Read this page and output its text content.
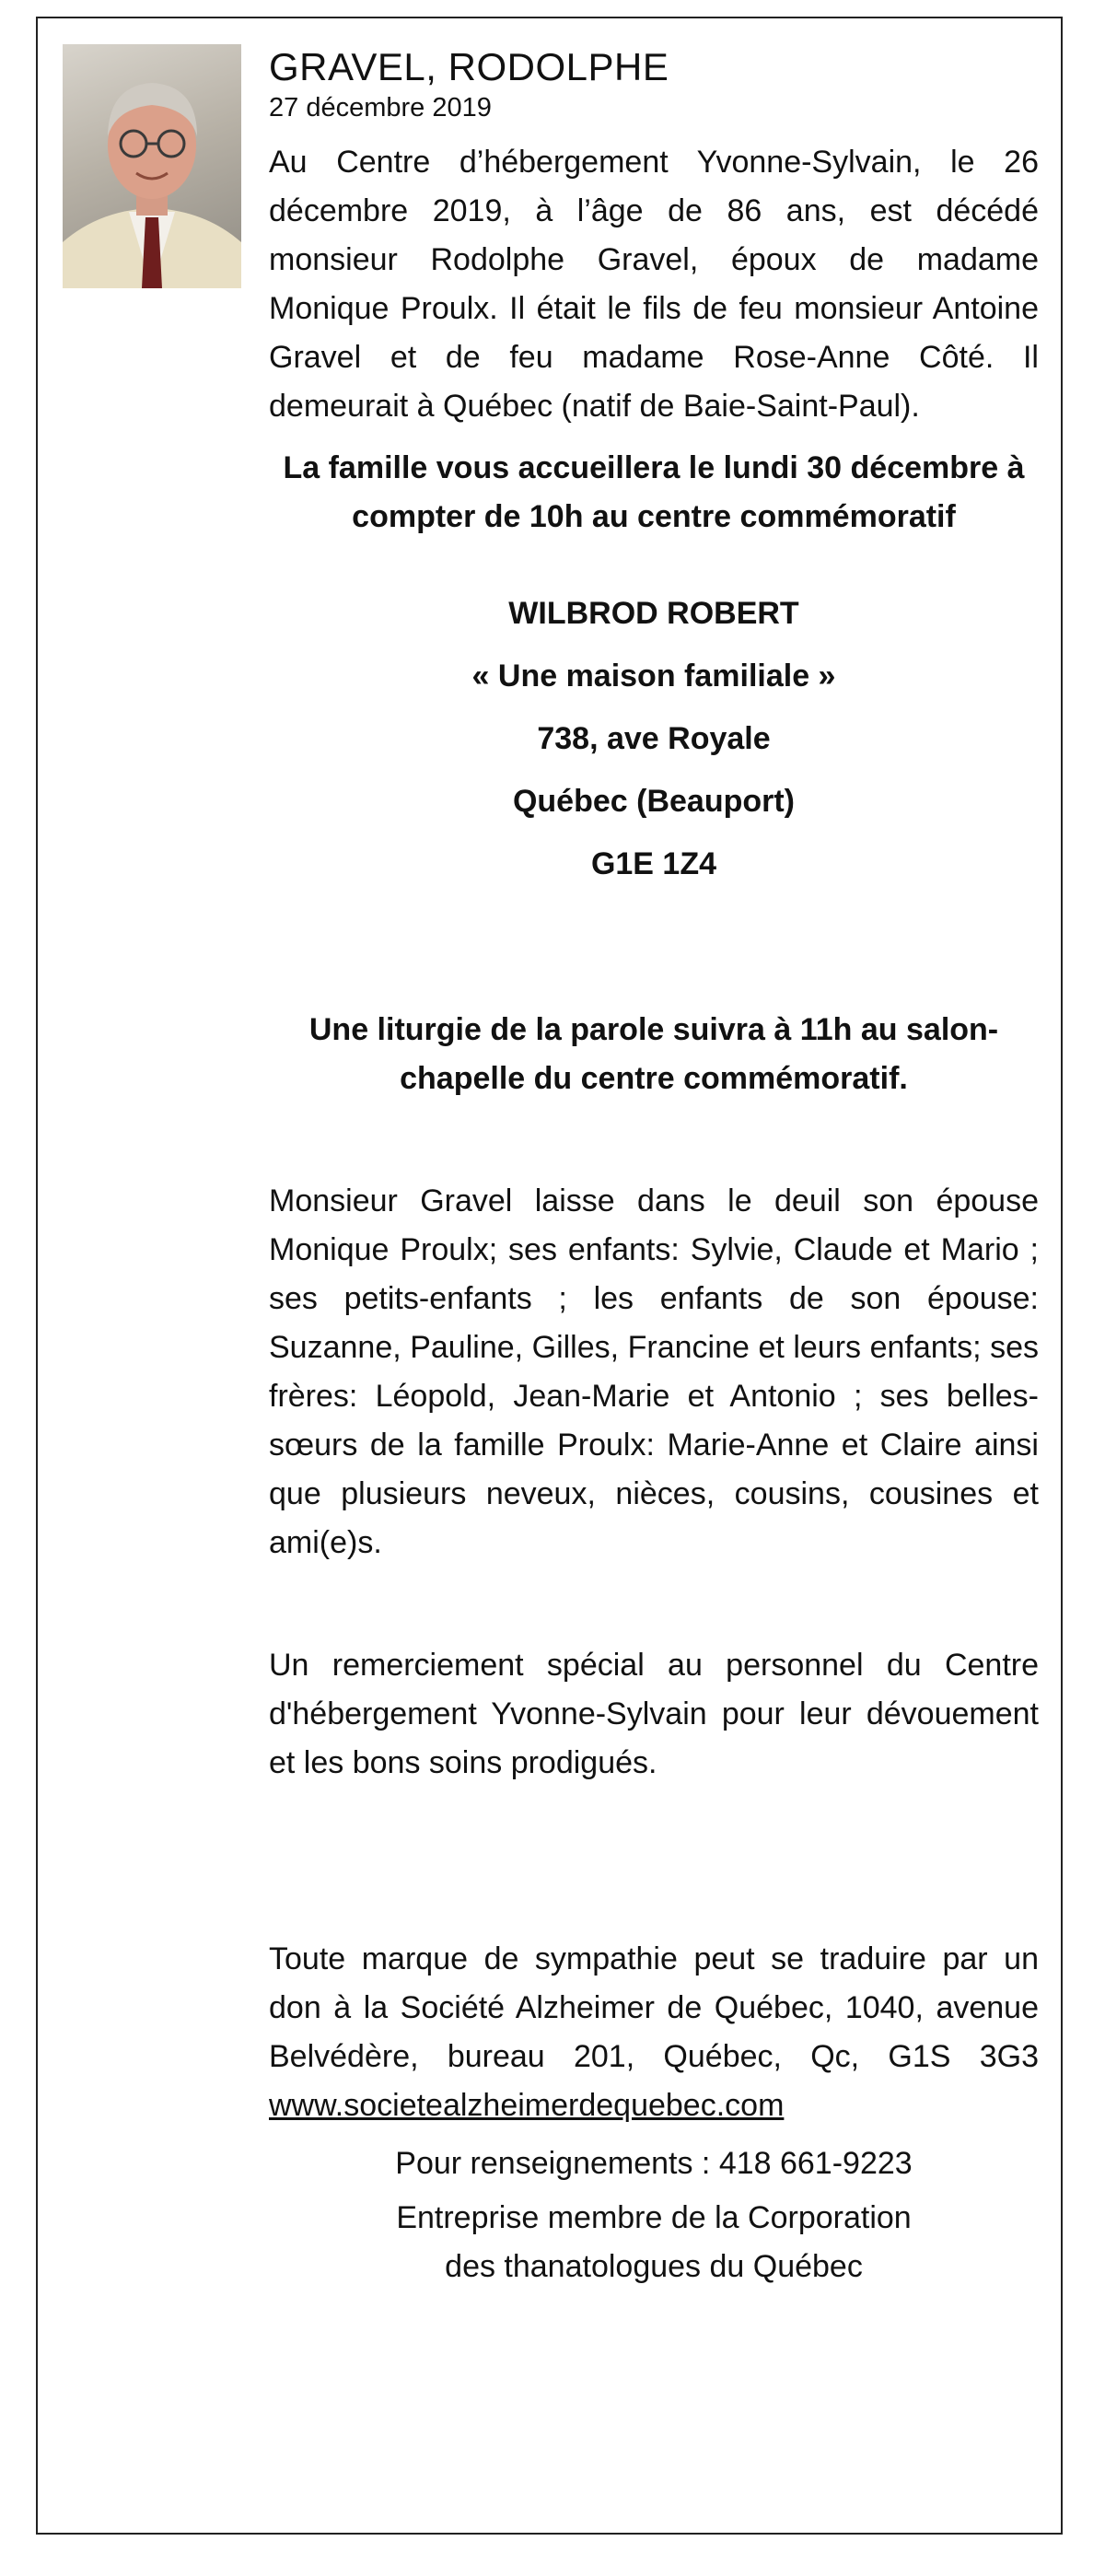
GRAVEL, RODOLPHE

27 décembre 2019

Au Centre d’hébergement Yvonne-Sylvain, le 26 décembre 2019, à l’âge de 86 ans, est décédé monsieur Rodolphe Gravel, époux de madame Monique Proulx. Il était le fils de feu monsieur Antoine Gravel et de feu madame Rose-Anne Côté. Il demeurait à Québec (natif de Baie-Saint-Paul).

La famille vous accueillera le lundi 30 décembre à compter de 10h au centre commémoratif

WILBROD ROBERT

« Une maison familiale »

738, ave Royale

Québec (Beauport)

G1E 1Z4

Une liturgie de la parole suivra à 11h au salon-chapelle du centre commémoratif.

Monsieur Gravel laisse dans le deuil son épouse Monique Proulx; ses enfants: Sylvie, Claude et Mario ; ses petits-enfants ; les enfants de son épouse: Suzanne, Pauline, Gilles, Francine et leurs enfants; ses frères: Léopold, Jean-Marie et Antonio ; ses belles-sœurs de la famille Proulx: Marie-Anne et Claire ainsi que plusieurs neveux, nièces, cousins, cousines et ami(e)s.

Un remerciement spécial au personnel du Centre d'hébergement Yvonne-Sylvain pour leur dévouement et les bons soins prodigués.

Toute marque de sympathie peut se traduire par un don à la Société Alzheimer de Québec, 1040, avenue Belvédère, bureau 201, Québec, Qc, G1S 3G3 www.societealzheimerdequebec.com

Pour renseignements : 418 661-9223

Entreprise membre de la Corporation des thanatologues du Québec
